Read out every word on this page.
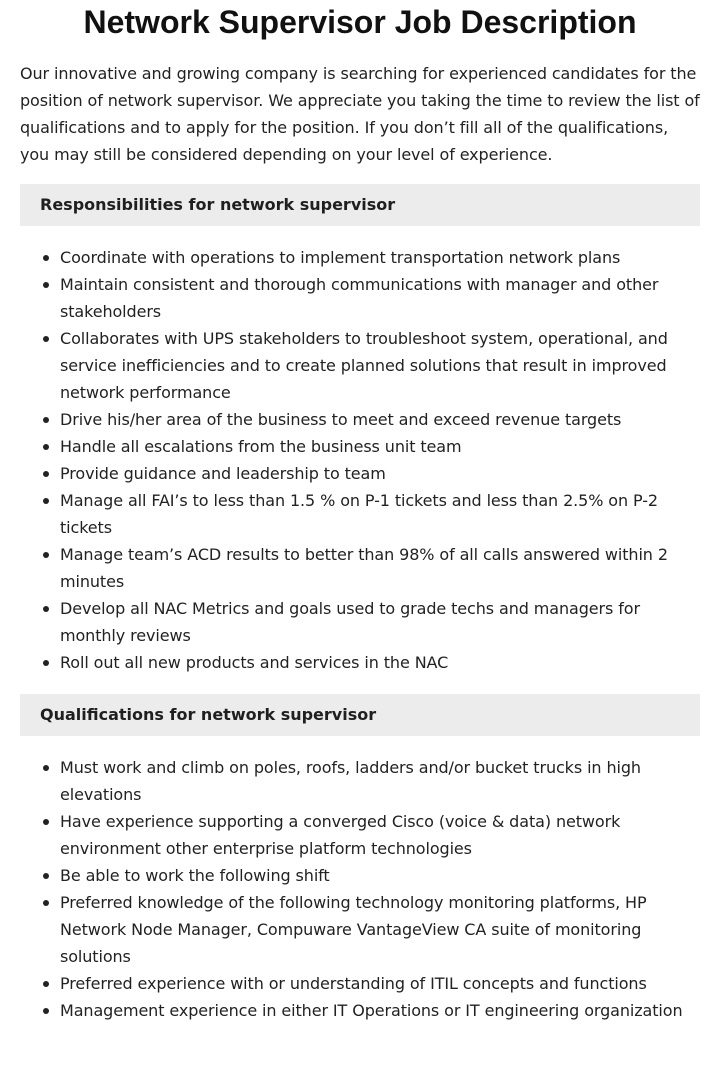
Network Supervisor Job Description

Our innovative and growing company is searching for experienced candidates for the position of network supervisor. We appreciate you taking the time to review the list of qualifications and to apply for the position. If you don’t fill all of the qualifications, you may still be considered depending on your level of experience.

Responsibilities for network supervisor
Coordinate with operations to implement transportation network plans
Maintain consistent and thorough communications with manager and other stakeholders
Collaborates with UPS stakeholders to troubleshoot system, operational, and service inefficiencies and to create planned solutions that result in improved network performance
Drive his/her area of the business to meet and exceed revenue targets
Handle all escalations from the business unit team
Provide guidance and leadership to team
Manage all FAI’s to less than 1.5 % on P-1 tickets and less than 2.5% on P-2 tickets
Manage team’s ACD results to better than 98% of all calls answered within 2 minutes
Develop all NAC Metrics and goals used to grade techs and managers for monthly reviews
Roll out all new products and services in the NAC
Qualifications for network supervisor
Must work and climb on poles, roofs, ladders and/or bucket trucks in high elevations
Have experience supporting a converged Cisco (voice & data) network environment other enterprise platform technologies
Be able to work the following shift
Preferred knowledge of the following technology monitoring platforms, HP Network Node Manager, Compuware VantageView CA suite of monitoring solutions
Preferred experience with or understanding of ITIL concepts and functions
Management experience in either IT Operations or IT engineering organization
